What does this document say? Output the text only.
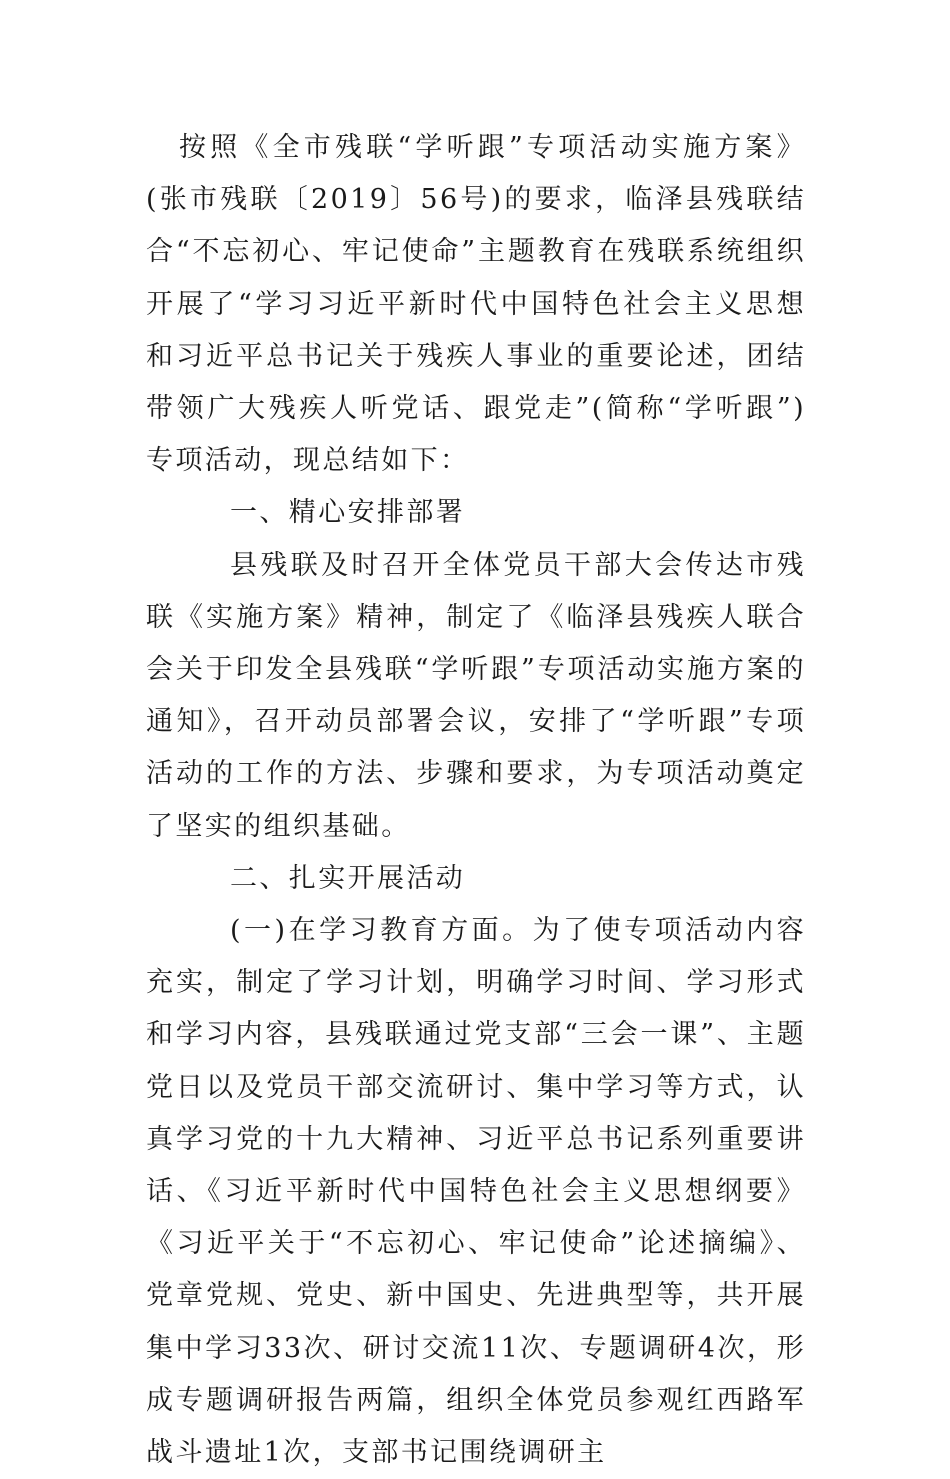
按照《全市残联“学听跟”专项活动实施方案》(张市残联〔2019〕56号)的要求，临泽县残联结合“不忘初心、牢记使命”主题教育在残联系统组织开展了“学习习近平新时代中国特色社会主义思想和习近平总书记关于残疾人事业的重要论述，团结带领广大残疾人听党话、跟党走”(简称“学听跟”)专项活动，现总结如下：

一、精心安排部署

县残联及时召开全体党员干部大会传达市残联《实施方案》精神，制定了《临泽县残疾人联合会关于印发全县残联“学听跟”专项活动实施方案的通知》，召开动员部署会议，安排了“学听跟”专项活动的工作的方法、步骤和要求，为专项活动奠定了坚实的组织基础。

二、扎实开展活动

(一)在学习教育方面。为了使专项活动内容充实，制定了学习计划，明确学习时间、学习形式和学习内容，县残联通过党支部“三会一课”、主题党日以及党员干部交流研讨、集中学习等方式，认真学习党的十九大精神、习近平总书记系列重要讲话、《习近平新时代中国特色社会主义思想纲要》《习近平关于“不忘初心、牢记使命”论述摘编》、党章党规、党史、新中国史、先进典型等，共开展集中学习33次、研讨交流11次、专题调研4次，形成专题调研报告两篇，组织全体党员参观红西路军战斗遗址1次，支部书记围绕调研主
